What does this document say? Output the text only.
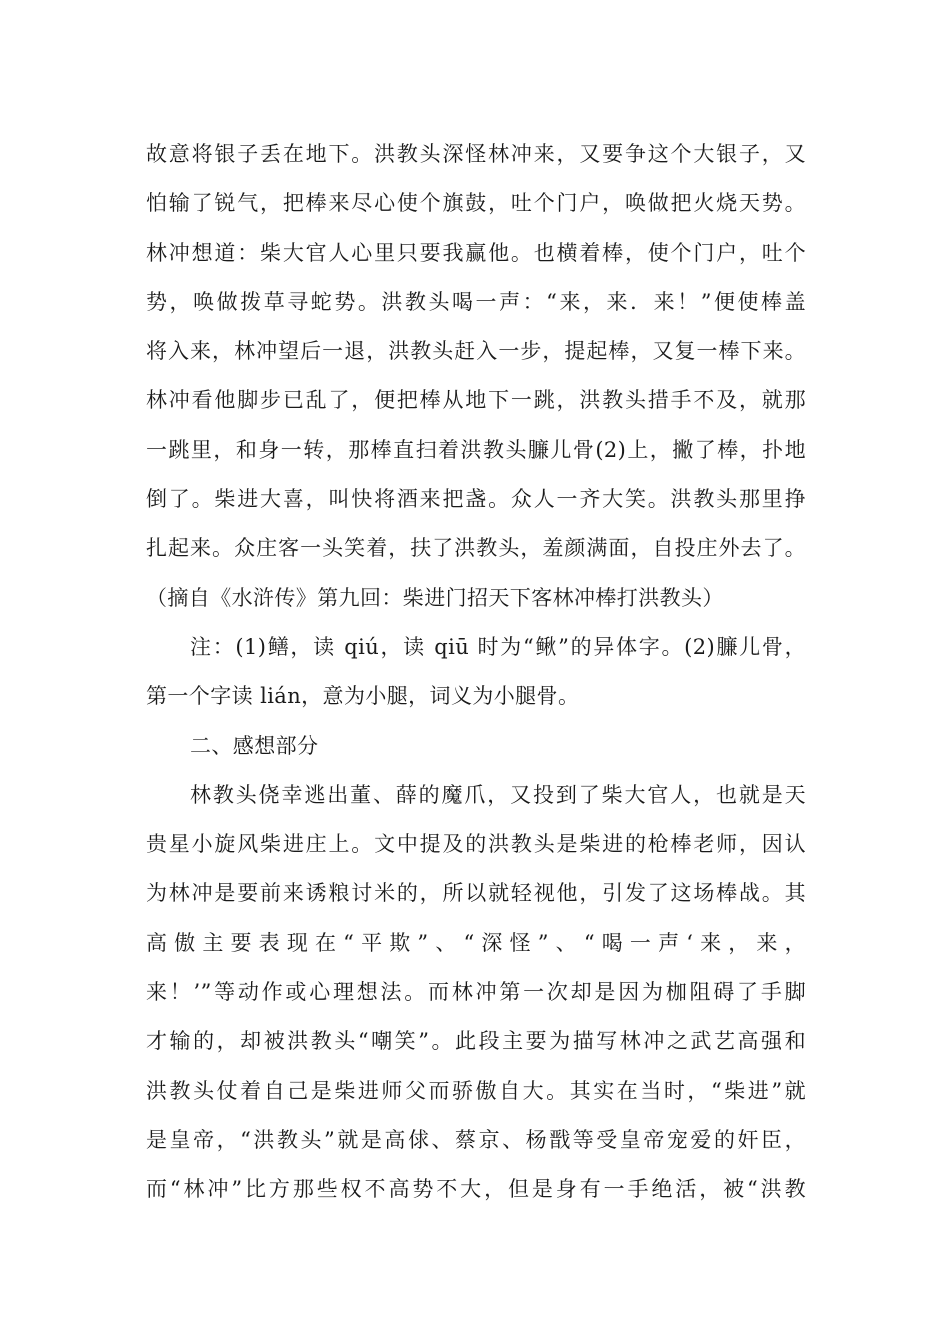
故意将银子丢在地下。洪教头深怪林冲来，又要争这个大银子，又
怕输了锐气，把棒来尽心使个旗鼓，吐个门户，唤做把火烧天势。
林冲想道：柴大官人心里只要我赢他。也横着棒，使个门户，吐个
势，唤做拨草寻蛇势。洪教头喝一声：“来，来．来！”便使棒盖
将入来，林冲望后一退，洪教头赶入一步，提起棒，又复一棒下来。
林冲看他脚步已乱了，便把棒从地下一跳，洪教头措手不及，就那
一跳里，和身一转，那棒直扫着洪教头臁儿骨(2)上，撇了棒，扑地
倒了。柴进大喜，叫快将酒来把盏。众人一齐大笑。洪教头那里挣
扎起来。众庄客一头笑着，扶了洪教头，羞颜满面，自投庄外去了。
（摘自《水浒传》第九回：柴进门招天下客林冲棒打洪教头）
注：(1)鳝，读 qiú，读 qiū 时为“鳅”的异体字。(2)臁儿骨，
第一个字读 lián，意为小腿，词义为小腿骨。
二、感想部分
林教头侥幸逃出董、薛的魔爪，又投到了柴大官人，也就是天
贵星小旋风柴进庄上。文中提及的洪教头是柴进的枪棒老师，因认
为林冲是要前来诱粮讨米的，所以就轻视他，引发了这场棒战。其
高傲主要表现在“平欺”、“深怪”、“喝一声‘来，来，
来！’”等动作或心理想法。而林冲第一次却是因为枷阻碍了手脚
才输的，却被洪教头“嘲笑”。此段主要为描写林冲之武艺高强和
洪教头仗着自己是柴进师父而骄傲自大。其实在当时，“柴进”就
是皇帝，“洪教头”就是高俅、蔡京、杨戬等受皇帝宠爱的奸臣，
而“林冲”比方那些权不高势不大，但是身有一手绝活，被“洪教
